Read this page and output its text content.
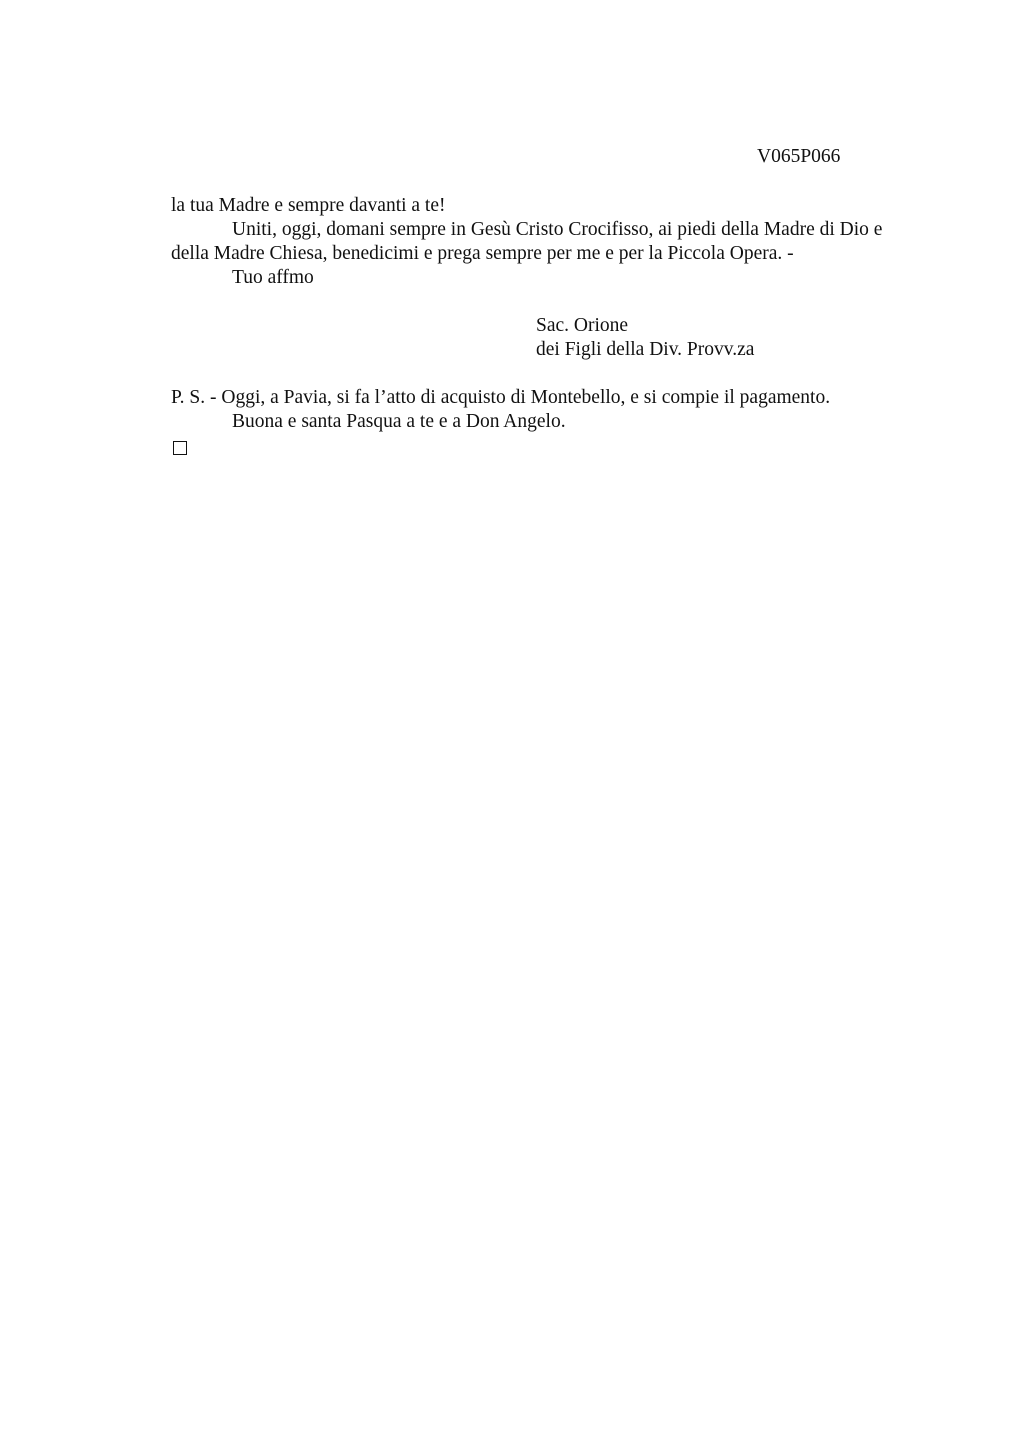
V065P066
la tua Madre e sempre davanti a te!
Uniti, oggi, domani sempre in Gesù Cristo Crocifisso, ai piedi della Madre di Dio e
della Madre Chiesa, benedicimi e prega sempre per me e per la Piccola Opera. -
Tuo affmo
Sac. Orione
dei Figli della Div. Provv.za
P. S. - Oggi, a Pavia, si fa l’atto di acquisto di Montebello, e si compie il pagamento.
Buona e santa Pasqua a te e a Don Angelo.
